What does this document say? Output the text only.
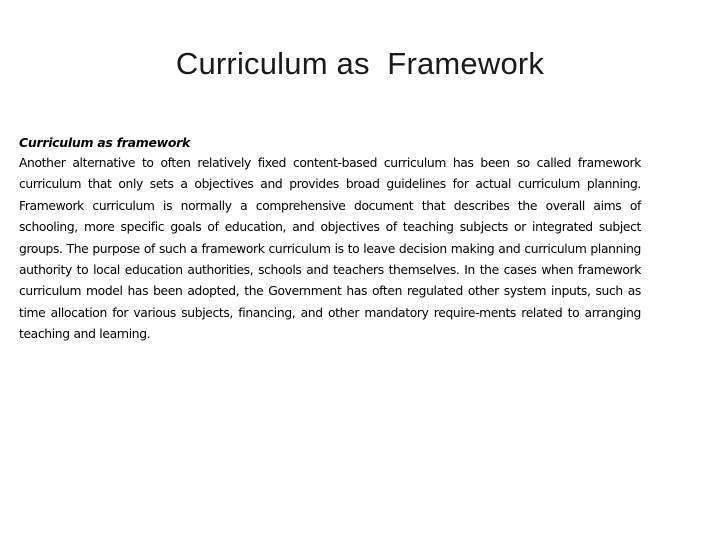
Curriculum as  Framework
Curriculum as framework
Another alternative to often relatively fixed content-based curriculum has been so called framework curriculum that only sets a objectives and provides broad guidelines for actual curriculum planning. Framework curriculum is normally a comprehensive document that describes the overall aims of schooling, more specific goals of education, and objectives of teaching subjects or integrated subject groups. The purpose of such a framework curriculum is to leave decision making and curriculum planning authority to local education authorities, schools and teachers themselves. In the cases when framework curriculum model has been adopted, the Government has often regulated other system inputs, such as time allocation for various subjects, financing, and other mandatory require-ments related to arranging teaching and learning.
